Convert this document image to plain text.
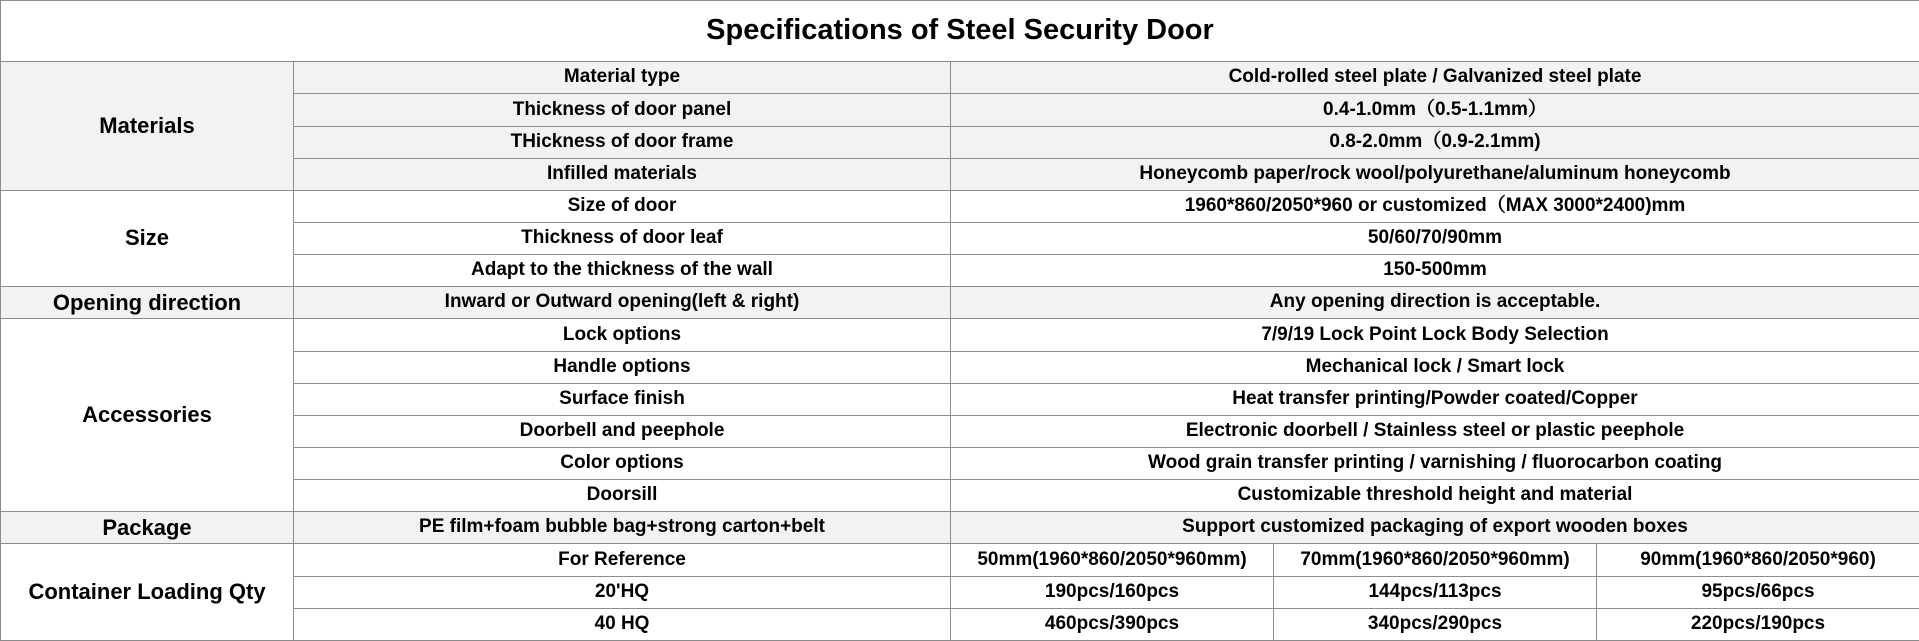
Specifications of Steel Security Door				
Materials	Material type	Cold-rolled steel plate / Galvanized steel plate		
	Thickness of door panel	0.4-1.0mm（0.5-1.1mm）		
	THickness of door frame	0.8-2.0mm（0.9-2.1mm)		
	Infilled materials	Honeycomb paper/rock wool/polyurethane/aluminum honeycomb		
Size	Size of door	1960*860/2050*960 or customized（MAX 3000*2400)mm		
	Thickness of door leaf	50/60/70/90mm		
	Adapt to the thickness of the wall	150-500mm		
Opening direction	Inward or Outward opening(left & right)	Any opening direction is acceptable.		
Accessories	Lock options	7/9/19 Lock Point Lock Body Selection		
	Handle options	Mechanical lock / Smart lock		
	Surface finish	Heat transfer printing/Powder coated/Copper		
	Doorbell and peephole	Electronic doorbell / Stainless steel or plastic peephole		
	Color options	Wood grain transfer printing / varnishing / fluorocarbon coating		
	Doorsill	Customizable threshold height and material		
Package	PE film+foam bubble bag+strong carton+belt	Support customized packaging of export wooden boxes		
Container Loading Qty	For Reference	50mm(1960*860/2050*960mm)	70mm(1960*860/2050*960mm)	90mm(1960*860/2050*960)
	20'HQ	190pcs/160pcs	144pcs/113pcs	95pcs/66pcs
	40 HQ	460pcs/390pcs	340pcs/290pcs	220pcs/190pcs
